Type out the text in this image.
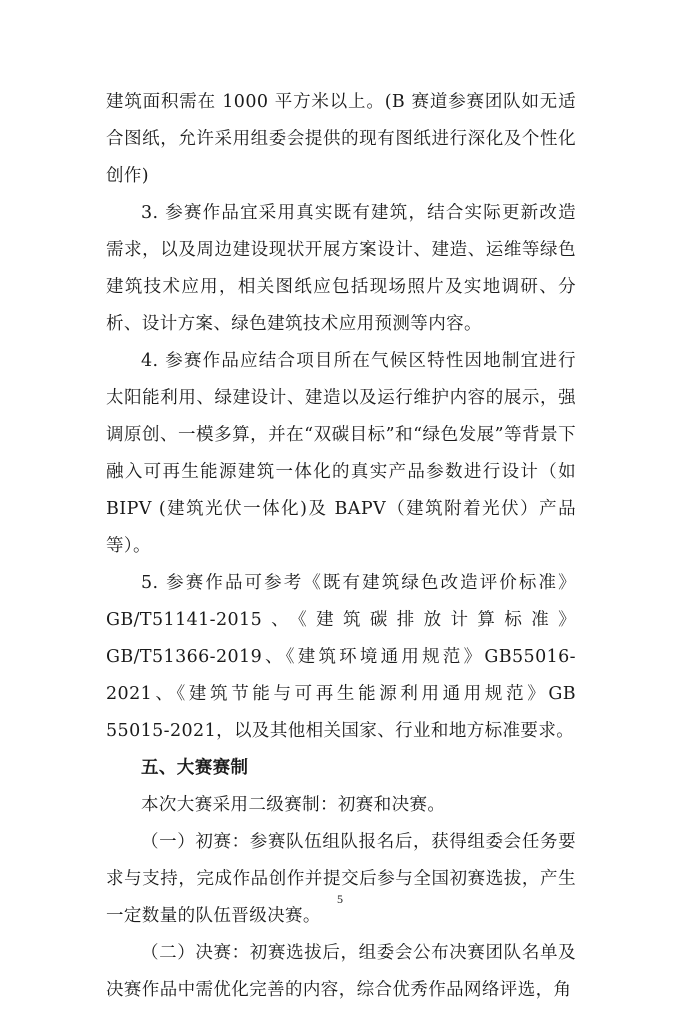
建筑面积需在 1000 平方米以上。(B 赛道参赛团队如无适合图纸，允许采用组委会提供的现有图纸进行深化及个性化创作)

3. 参赛作品宜采用真实既有建筑，结合实际更新改造需求，以及周边建设现状开展方案设计、建造、运维等绿色建筑技术应用，相关图纸应包括现场照片及实地调研、分析、设计方案、绿色建筑技术应用预测等内容。

4. 参赛作品应结合项目所在气候区特性因地制宜进行太阳能利用、绿建设计、建造以及运行维护内容的展示，强调原创、一模多算，并在“双碳目标”和“绿色发展”等背景下融入可再生能源建筑一体化的真实产品参数进行设计（如 BIPV (建筑光伏一体化)及 BAPV（建筑附着光伏）产品等）。

5. 参赛作品可参考《既有建筑绿色改造评价标准》GB/T51141-2015、《建筑碳排放计算标准》GB/T51366-2019、《建筑环境通用规范》GB55016-2021、《建筑节能与可再生能源利用通用规范》GB 55015-2021，以及其他相关国家、行业和地方标准要求。

五、大赛赛制

本次大赛采用二级赛制：初赛和决赛。

（一）初赛：参赛队伍组队报名后，获得组委会任务要求与支持，完成作品创作并提交后参与全国初赛选拔，产生一定数量的队伍晋级决赛。

（二）决赛：初赛选拔后，组委会公布决赛团队名单及决赛作品中需优化完善的内容，综合优秀作品网络评选，角

5
